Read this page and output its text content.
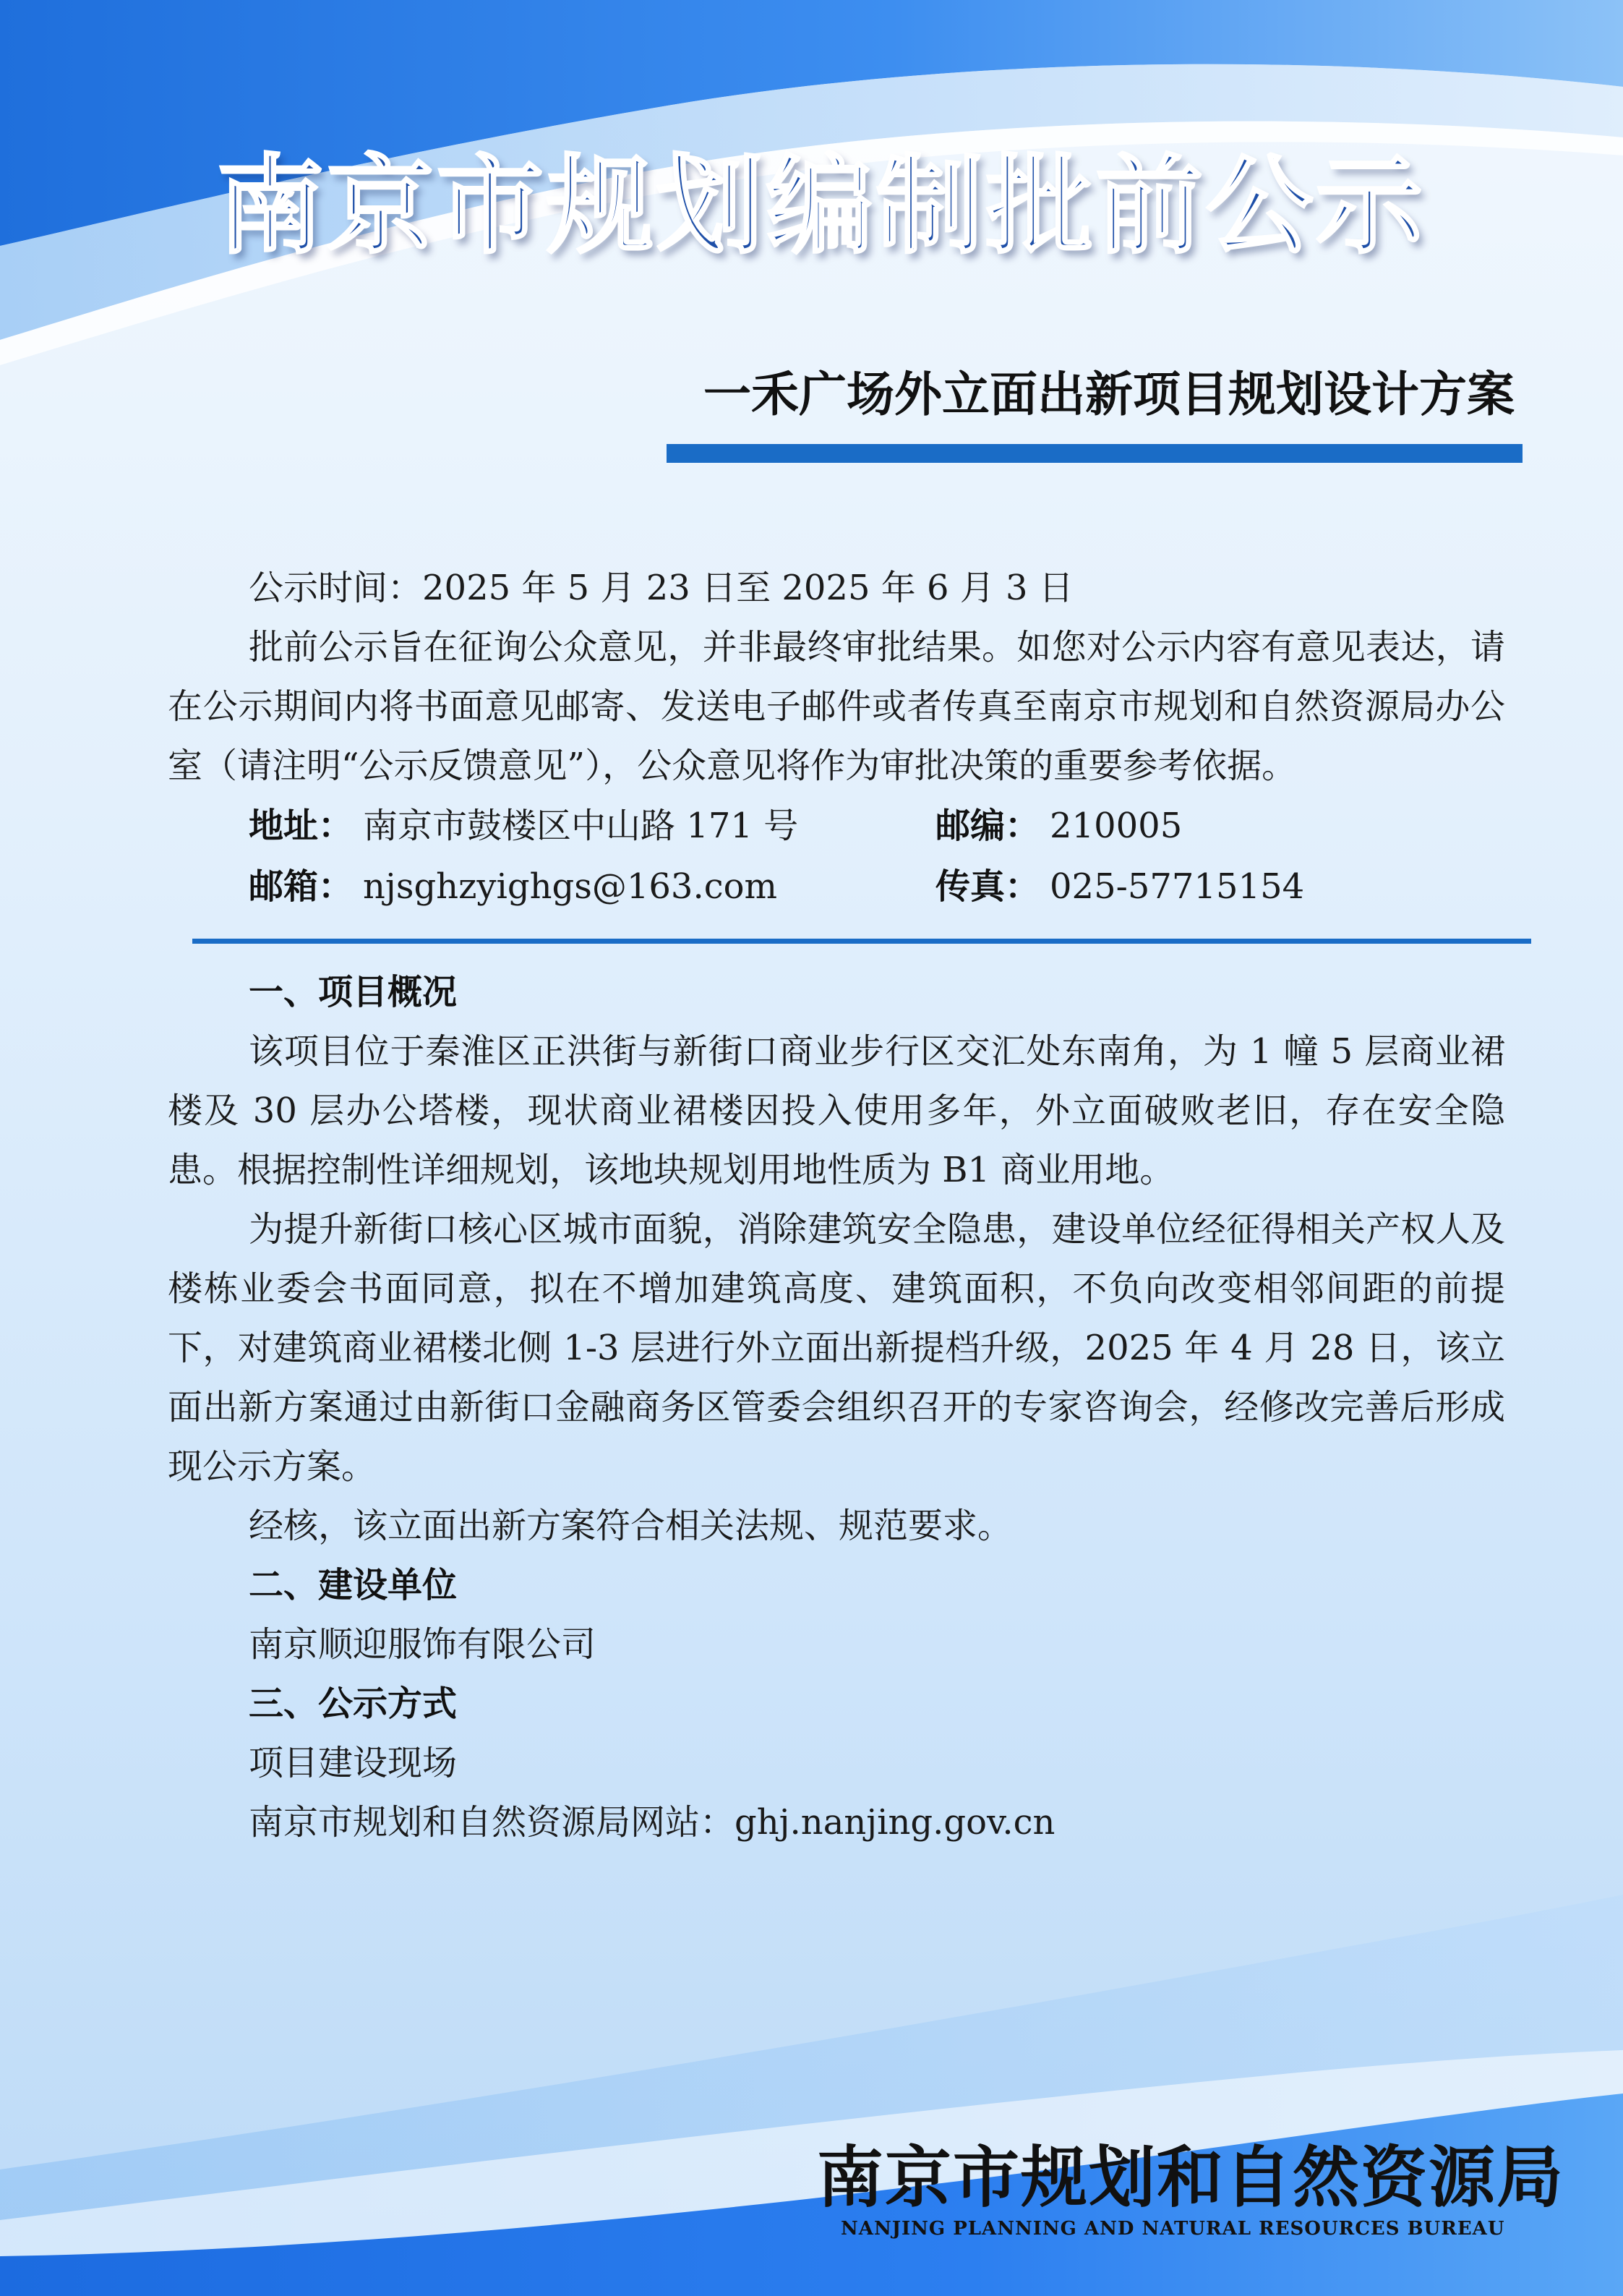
南京市规划编制批前公示
一禾广场外立面出新项目规划设计方案

公示时间：2025 年 5 月 23 日至 2025 年 6 月 3 日

批前公示旨在征询公众意见，并非最终审批结果。如您对公示内容有意见表达，请在公示期间内将书面意见邮寄、发送电子邮件或者传真至南京市规划和自然资源局办公室（请注明“公示反馈意见”），公众意见将作为审批决策的重要参考依据。

地址： 南京市鼓楼区中山路 171 号	邮编： 210005
邮箱： njsghzyighgs@163.com	传真： 025-57715154
一、项目概况

该项目位于秦淮区正洪街与新街口商业步行区交汇处东南角，为 1 幢 5 层商业裙楼及 30 层办公塔楼，现状商业裙楼因投入使用多年，外立面破败老旧，存在安全隐患。根据控制性详细规划，该地块规划用地性质为 B1 商业用地。

为提升新街口核心区城市面貌，消除建筑安全隐患，建设单位经征得相关产权人及楼栋业委会书面同意，拟在不增加建筑高度、建筑面积，不负向改变相邻间距的前提下，对建筑商业裙楼北侧 1-3 层进行外立面出新提档升级，2025 年 4 月 28 日，该立面出新方案通过由新街口金融商务区管委会组织召开的专家咨询会，经修改完善后形成现公示方案。

经核，该立面出新方案符合相关法规、规范要求。

二、建设单位

南京顺迎服饰有限公司

三、公示方式

项目建设现场

南京市规划和自然资源局网站：ghj.nanjing.gov.cn

南京市规划和自然资源局
NANJING PLANNING AND NATURAL RESOURCES BUREAU
